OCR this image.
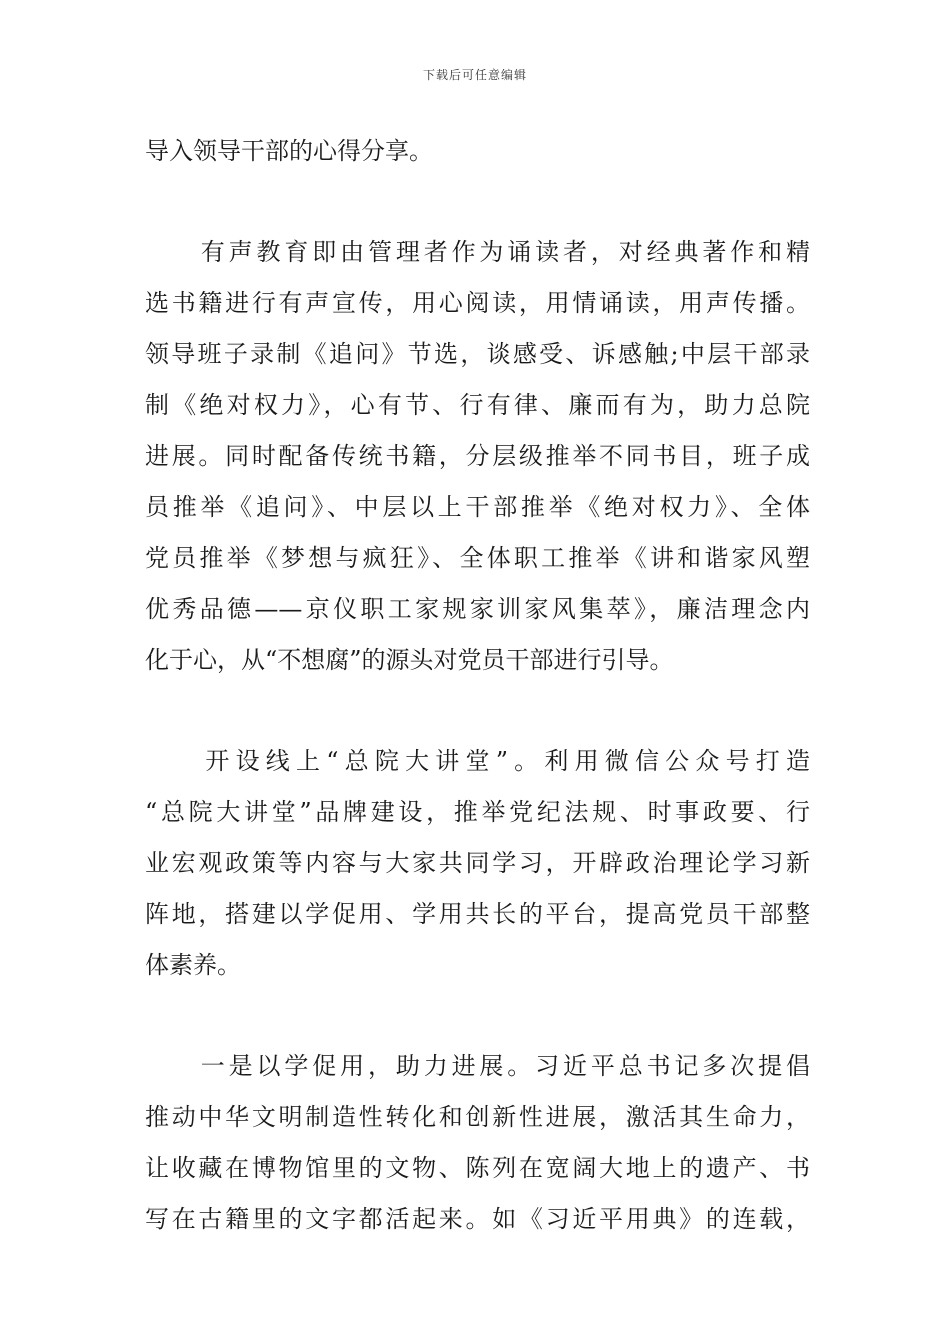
下载后可任意编辑
导入领导干部的心得分享。
　　有声教育即由管理者作为诵读者，对经典著作和精
选书籍进行有声宣传，用心阅读，用情诵读，用声传播。
领导班子录制《追问》节选，谈感受、诉感触;中层干部录
制《绝对权力》，心有节、行有律、廉而有为，助力总院
进展。同时配备传统书籍，分层级推举不同书目，班子成
员推举《追问》、中层以上干部推举《绝对权力》、全体
党员推举《梦想与疯狂》、全体职工推举《讲和谐家风塑
优秀品德——京仪职工家规家训家风集萃》，廉洁理念内
化于心，从“不想腐”的源头对党员干部进行引导。
　　开设线上“总院大讲堂”。利用微信公众号打造
“总院大讲堂”品牌建设，推举党纪法规、时事政要、行
业宏观政策等内容与大家共同学习，开辟政治理论学习新
阵地，搭建以学促用、学用共长的平台，提高党员干部整
体素养。
　　一是以学促用，助力进展。习近平总书记多次提倡
推动中华文明制造性转化和创新性进展，激活其生命力，
让收藏在博物馆里的文物、陈列在宽阔大地上的遗产、书
写在古籍里的文字都活起来。如《习近平用典》的连载，
